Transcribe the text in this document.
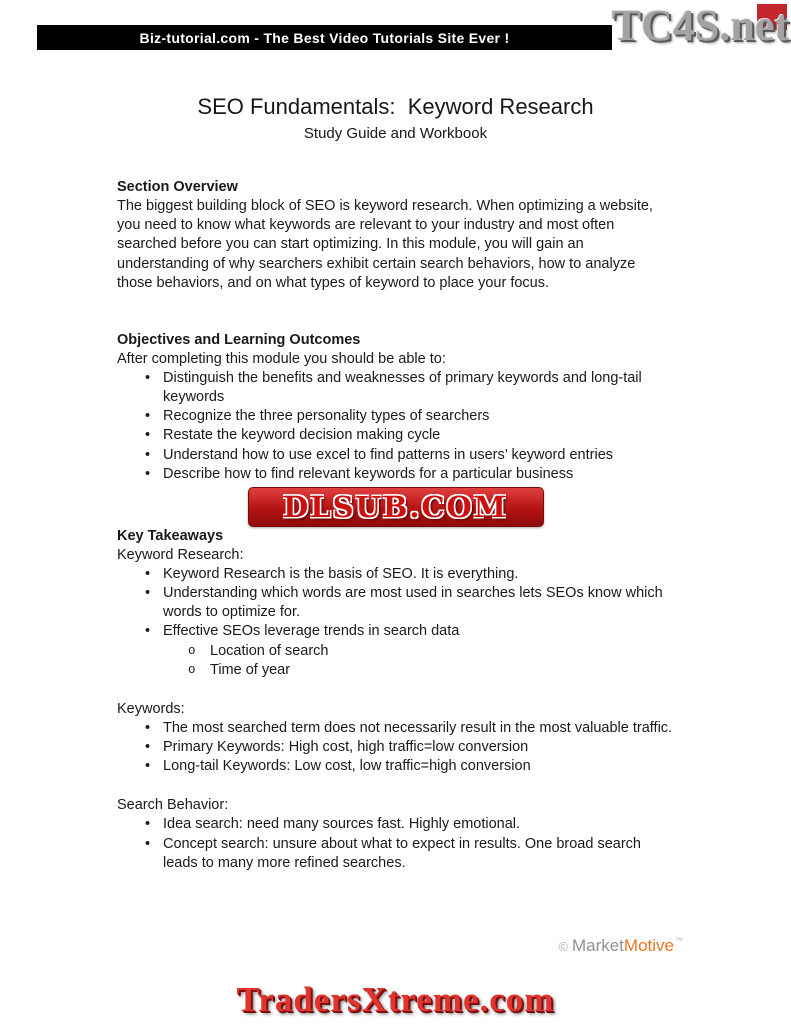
Biz-tutorial.com - The Best Video Tutorials Site Ever ! TC4S.net
SEO Fundamentals:  Keyword Research
Study Guide and Workbook
Section Overview

The biggest building block of SEO is keyword research. When optimizing a website, you need to know what keywords are relevant to your industry and most often searched before you can start optimizing. In this module, you will gain an understanding of why searchers exhibit certain search behaviors, how to analyze those behaviors, and on what types of keyword to place your focus.

Objectives and Learning Outcomes

After completing this module you should be able to:

•
Distinguish the benefits and weaknesses of primary keywords and long-tail keywords
•
Recognize the three personality types of searchers
•
Restate the keyword decision making cycle
•
Understand how to use excel to find patterns in users’ keyword entries
•
Describe how to find relevant keywords for a particular business
DLSUB.COM
Key Takeaways

Keyword Research:

•
Keyword Research is the basis of SEO. It is everything.
•
Understanding which words are most used in searches lets SEOs know which words to optimize for.
•
Effective SEOs leverage trends in search data
o
Location of search
o
Time of year

Keywords:

•
The most searched term does not necessarily result in the most valuable traffic.
•
Primary Keywords: High cost, high traffic=low conversion
•
Long-tail Keywords: Low cost, low traffic=high conversion

Search Behavior:

•
Idea search: need many sources fast. Highly emotional.
•
Concept search: unsure about what to expect in results. One broad search leads to many more refined searches.
© Market Motive ™
TradersXtreme.com
